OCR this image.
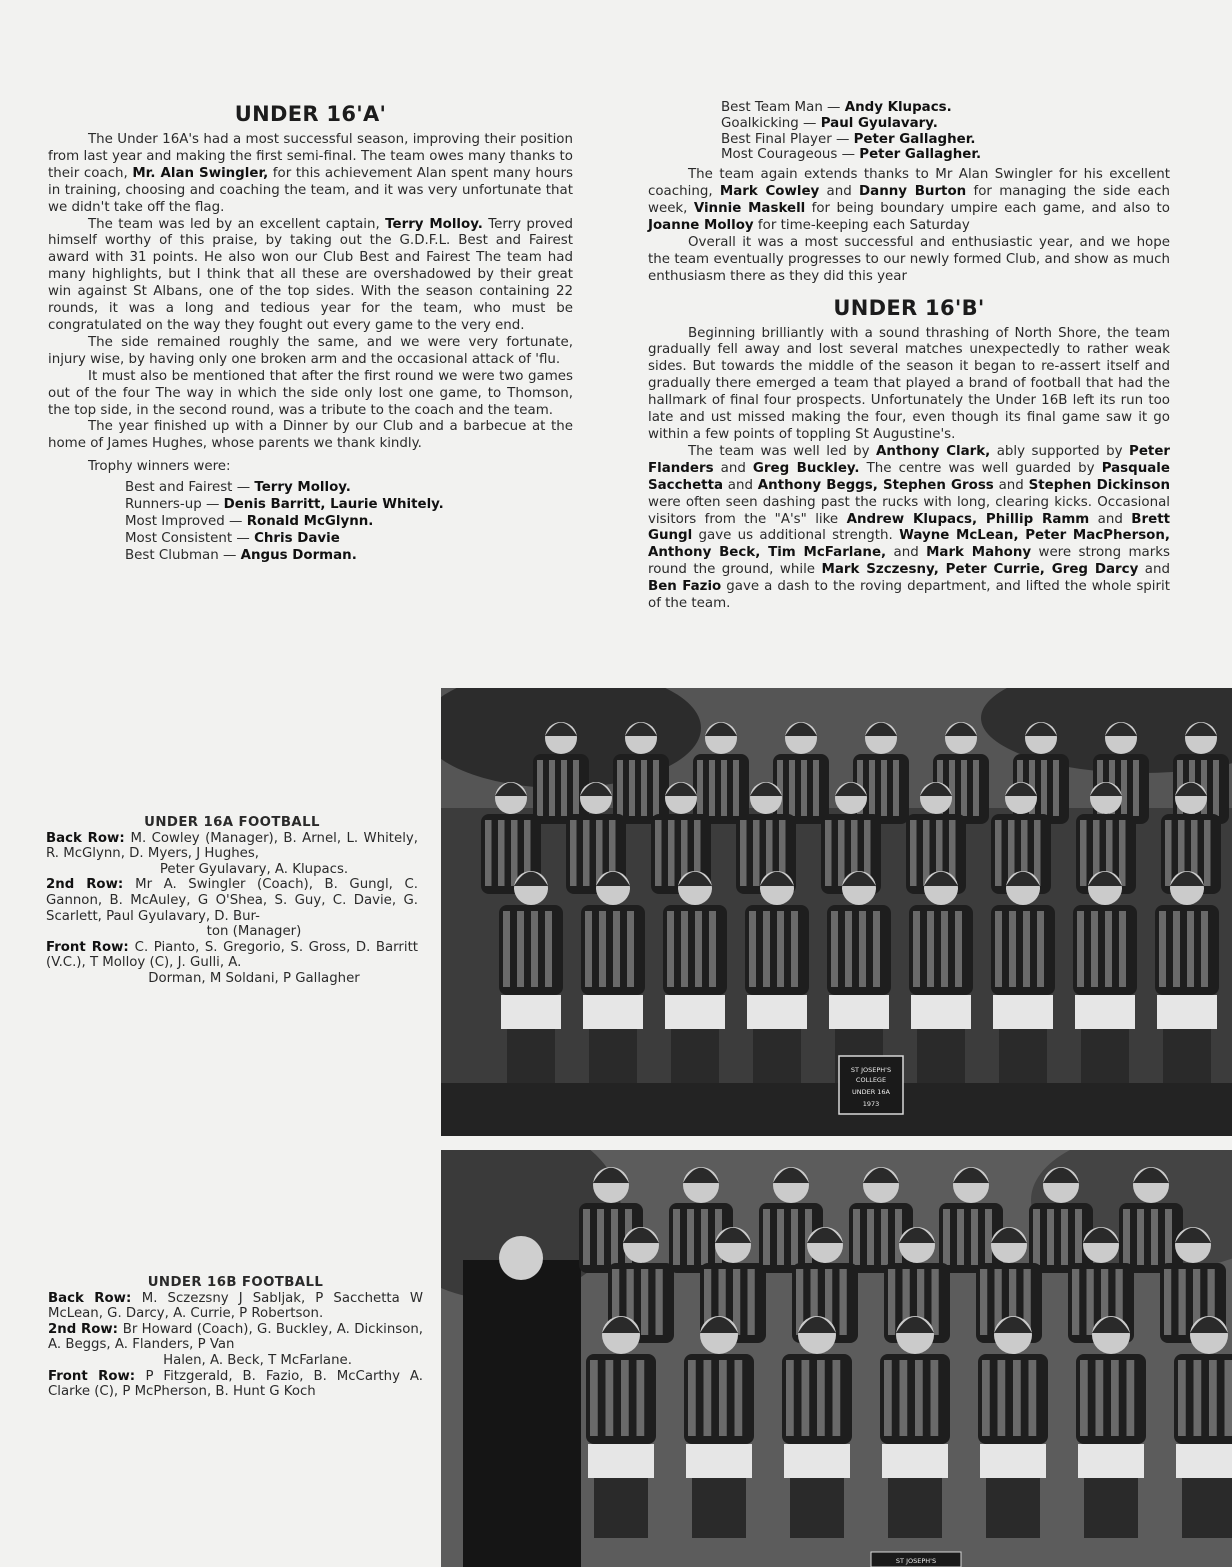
UNDER 16'A'

The Under 16A's had a most successful season, improving their position from last year and making the first semi-final. The team owes many thanks to their coach, Mr. Alan Swingler, for this achievement Alan spent many hours in training, choosing and coaching the team, and it was very unfortunate that we didn't take off the flag.

The team was led by an excellent captain, Terry Molloy. Terry proved himself worthy of this praise, by taking out the G.D.F.L. Best and Fairest award with 31 points. He also won our Club Best and Fairest The team had many highlights, but I think that all these are overshadowed by their great win against St Albans, one of the top sides. With the season containing 22 rounds, it was a long and tedious year for the team, who must be congratulated on the way they fought out every game to the very end.

The side remained roughly the same, and we were very fortunate, injury wise, by having only one broken arm and the occasional attack of 'flu.

It must also be mentioned that after the first round we were two games out of the four The way in which the side only lost one game, to Thomson, the top side, in the second round, was a tribute to the coach and the team.

The year finished up with a Dinner by our Club and a barbecue at the home of James Hughes, whose parents we thank kindly.

Trophy winners were:

Best and Fairest — Terry Molloy.
Runners-up — Denis Barritt, Laurie Whitely.
Most Improved — Ronald McGlynn.
Most Consistent — Chris Davie
Best Clubman — Angus Dorman.
Best Team Man — Andy Klupacs.
Goalkicking — Paul Gyulavary.
Best Final Player — Peter Gallagher.
Most Courageous — Peter Gallagher.

The team again extends thanks to Mr Alan Swingler for his excellent coaching, Mark Cowley and Danny Burton for managing the side each week, Vinnie Maskell for being boundary umpire each game, and also to Joanne Molloy for time-keeping each Saturday

Overall it was a most successful and enthusiastic year, and we hope the team eventually progresses to our newly formed Club, and show as much enthusiasm there as they did this year

UNDER 16'B'

Beginning brilliantly with a sound thrashing of North Shore, the team gradually fell away and lost several matches unexpectedly to rather weak sides. But towards the middle of the season it began to re-assert itself and gradually there emerged a team that played a brand of football that had the hallmark of final four prospects. Unfortunately the Under 16B left its run too late and ust missed making the four, even though its final game saw it go within a few points of toppling St Augustine's.

The team was well led by Anthony Clark, ably supported by Peter Flanders and Greg Buckley. The centre was well guarded by Pasquale Sacchetta and Anthony Beggs, Stephen Gross and Stephen Dickinson were often seen dashing past the rucks with long, clearing kicks. Occasional visitors from the "A's" like Andrew Klupacs, Phillip Ramm and Brett Gungl gave us additional strength. Wayne McLean, Peter MacPherson, Anthony Beck, Tim McFarlane, and Mark Mahony were strong marks round the ground, while Mark Szczesny, Peter Currie, Greg Darcy and Ben Fazio gave a dash to the roving department, and lifted the whole spirit of the team.

UNDER 16A FOOTBALL
Back Row: M. Cowley (Manager), B. Arnel, L. Whitely, R. McGlynn, D. Myers, J Hughes,
Peter Gyulavary, A. Klupacs.
2nd Row: Mr A. Swingler (Coach), B. Gungl, C. Gannon, B. McAuley, G O'Shea, S. Guy, C. Davie, G. Scarlett, Paul Gyulavary, D. Bur-
ton (Manager)
Front Row: C. Pianto, S. Gregorio, S. Gross, D. Barritt (V.C.), T Molloy (C), J. Gulli, A.
Dorman, M Soldani, P Gallagher
UNDER 16B FOOTBALL
Back Row: M. Sczezsny J Sabljak, P Sacchetta W McLean, G. Darcy, A. Currie, P Robertson.
2nd Row: Br Howard (Coach), G. Buckley, A. Dickinson, A. Beggs, A. Flanders, P Van
Halen, A. Beck, T McFarlane.
Front Row: P Fitzgerald, B. Fazio, B. McCarthy A. Clarke (C), P McPherson, B. Hunt G Koch
ST JOSEPH'S
COLLEGE
UNDER 16A
1973
ST JOSEPH'S
